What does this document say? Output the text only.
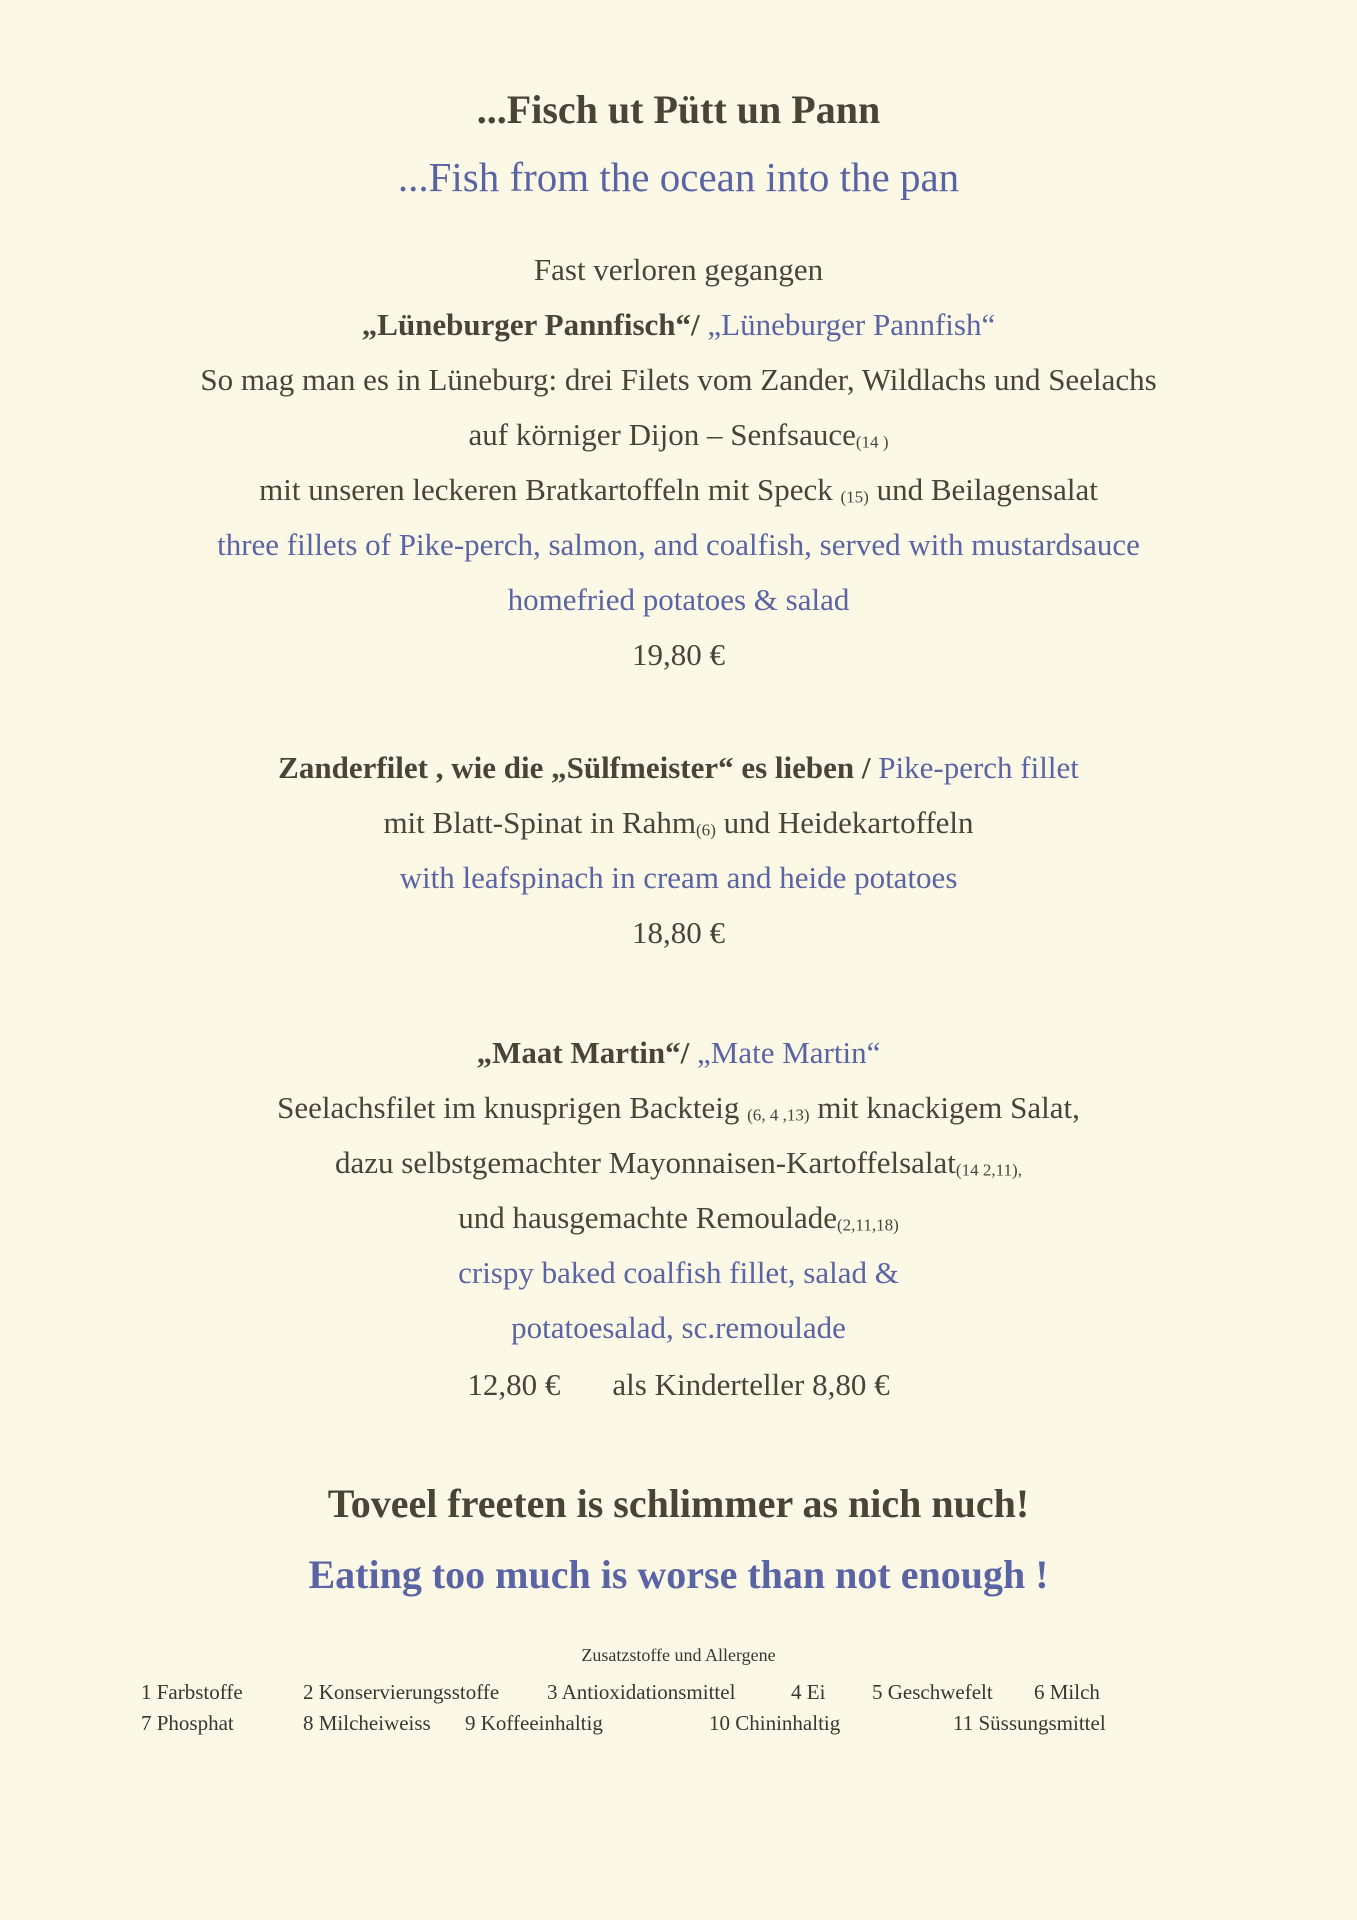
...Fisch ut Pütt un Pann
...Fish from the ocean into the pan
Fast verloren gegangen
„Lüneburger Pannfisch“/ „Lüneburger Pannfish“
So mag man es in Lüneburg: drei Filets vom Zander, Wildlachs und Seelachs
auf körniger Dijon – Senfsauce(14 )
mit unseren leckeren Bratkartoffeln mit Speck (15) und Beilagensalat
three fillets of Pike-perch, salmon, and coalfish, served with mustardsauce
homefried potatoes & salad
19,80 €
Zanderfilet , wie die „Sülfmeister“ es lieben / Pike-perch fillet
mit Blatt-Spinat in Rahm(6) und Heidekartoffeln
with leafspinach in cream and heide potatoes
18,80 €
„Maat Martin“/ „Mate Martin“
Seelachsfilet im knusprigen Backteig (6, 4 ,13) mit knackigem Salat,
dazu selbstgemachter Mayonnaisen-Kartoffelsalat(14 2,11),
und hausgemachte Remoulade(2,11,18)
crispy baked coalfish fillet, salad &
potatoesalad, sc.remoulade
12,80 € als Kinderteller 8,80 €
Toveel freeten is schlimmer as nich nuch!
Eating too much is worse than not enough !
Zusatzstoffe und Allergene
1 Farbstoffe	2 Konservierungsstoffe 3 Antioxidationsmittel	4 Ei 5 Geschwefelt 6 Milch
7 Phosphat	8 Milcheiweiss 9 Koffeeinhaltig	10 Chininhaltig	11 Süssungsmittel
